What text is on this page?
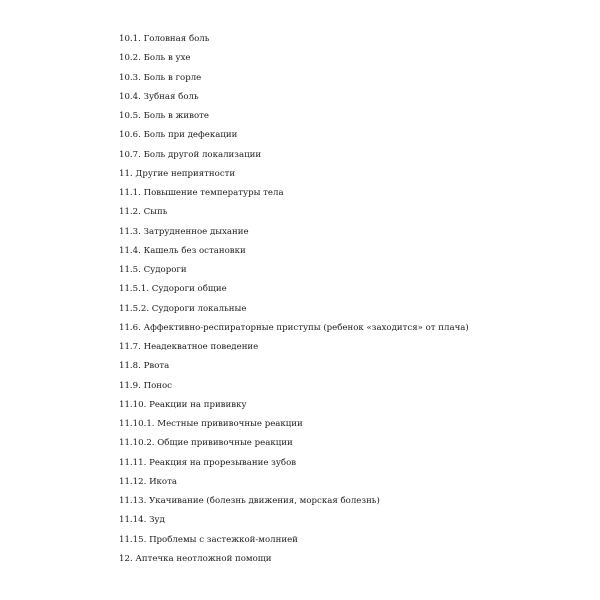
10.1. Головная боль
10.2. Боль в ухе
10.3. Боль в горле
10.4. Зубная боль
10.5. Боль в животе
10.6. Боль при дефекации
10.7. Боль другой локализации
11. Другие неприятности
11.1. Повышение температуры тела
11.2. Сыпь
11.3. Затрудненное дыхание
11.4. Кашель без остановки
11.5. Судороги
11.5.1. Судороги общие
11.5.2. Судороги локальные
11.6. Аффективно-респираторные приступы (ребенок «заходится» от плача)
11.7. Неадекватное поведение
11.8. Рвота
11.9. Понос
11.10. Реакции на прививку
11.10.1. Местные прививочные реакции
11.10.2. Общие прививочные реакции
11.11. Реакция на прорезывание зубов
11.12. Икота
11.13. Укачивание (болезнь движения, морская болезнь)
11.14. Зуд
11.15. Проблемы с застежкой-молнией
12. Аптечка неотложной помощи
